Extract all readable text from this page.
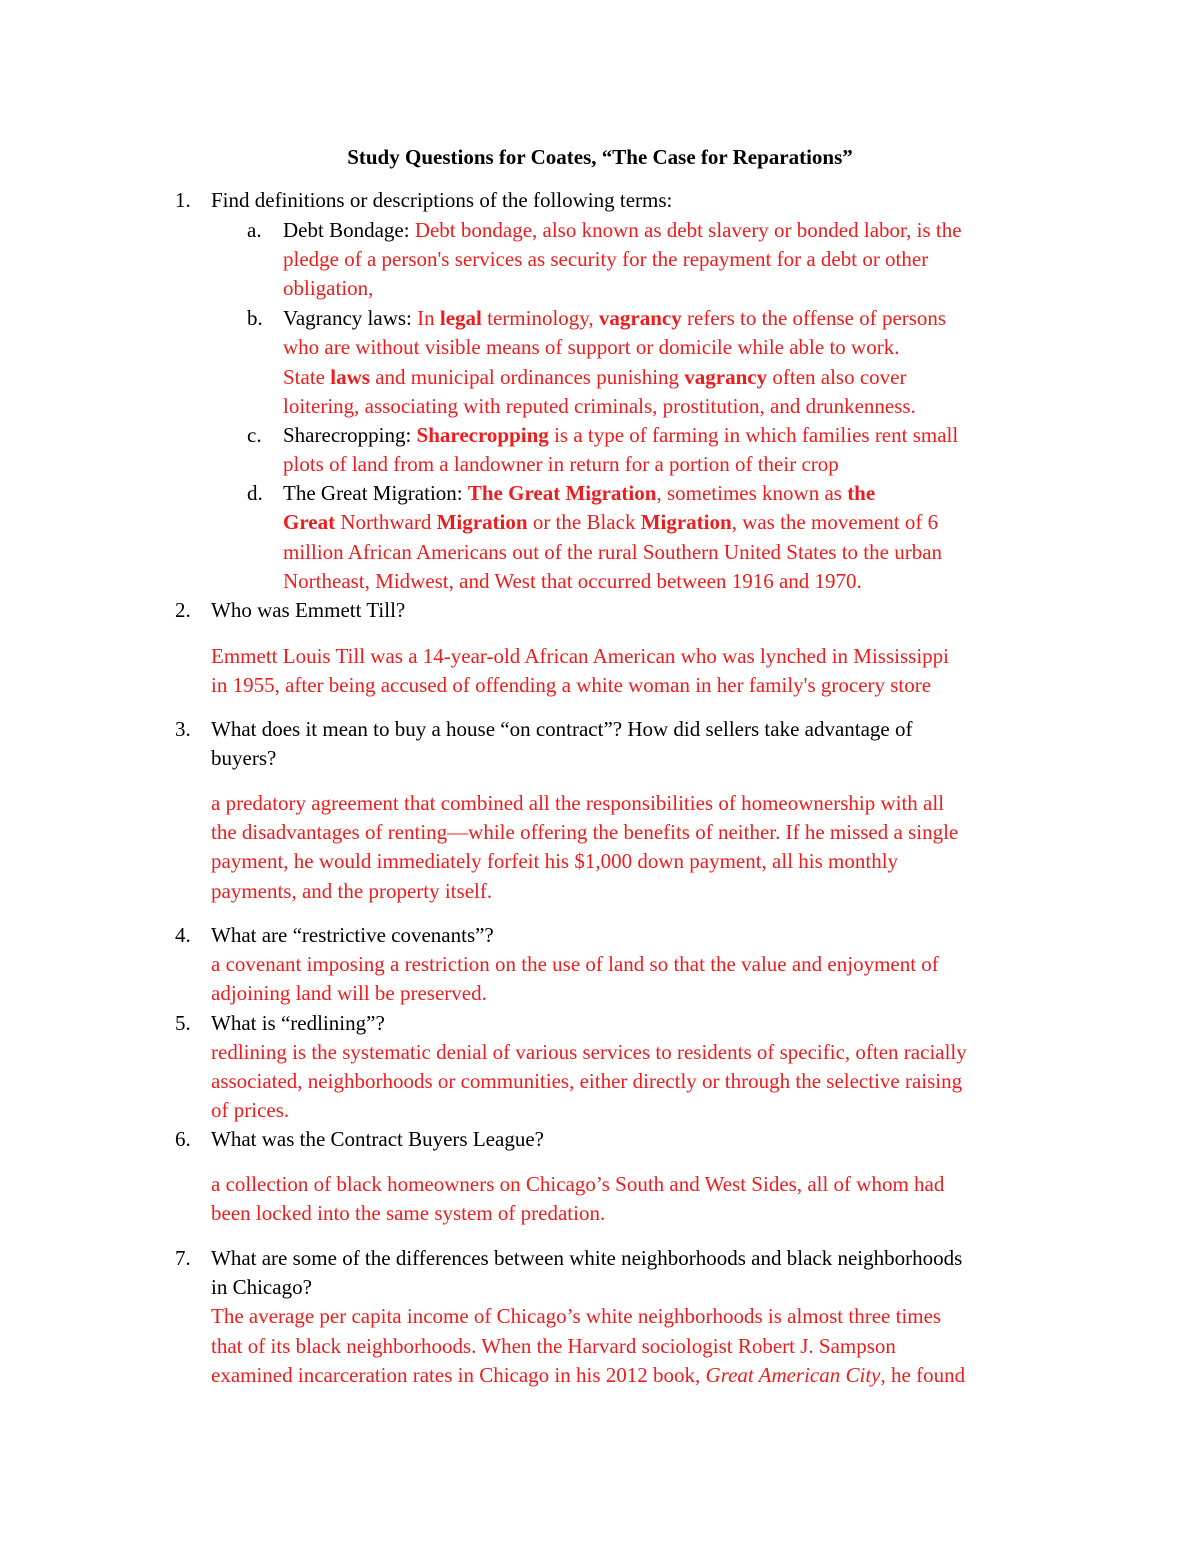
Study Questions for Coates, “The Case for Reparations”
1. Find definitions or descriptions of the following terms:
a. Debt Bondage: Debt bondage, also known as debt slavery or bonded labor, is the
pledge of a person's services as security for the repayment for a debt or other
obligation,
b. Vagrancy laws: In legal terminology, vagrancy refers to the offense of persons
who are without visible means of support or domicile while able to work.
State laws and municipal ordinances punishing vagrancy often also cover
loitering, associating with reputed criminals, prostitution, and drunkenness.
c. Sharecropping: Sharecropping is a type of farming in which families rent small
plots of land from a landowner in return for a portion of their crop
d. The Great Migration: The Great Migration, sometimes known as the
Great Northward Migration or the Black Migration, was the movement of 6
million African Americans out of the rural Southern United States to the urban
Northeast, Midwest, and West that occurred between 1916 and 1970.
2. Who was Emmett Till?
Emmett Louis Till was a 14-year-old African American who was lynched in Mississippi
in 1955, after being accused of offending a white woman in her family's grocery store
3. What does it mean to buy a house “on contract”? How did sellers take advantage of
buyers?
a predatory agreement that combined all the responsibilities of homeownership with all
the disadvantages of renting—while offering the benefits of neither. If he missed a single
payment, he would immediately forfeit his $1,000 down payment, all his monthly
payments, and the property itself.
4. What are “restrictive covenants”?
a covenant imposing a restriction on the use of land so that the value and enjoyment of
adjoining land will be preserved.
5. What is “redlining”?
redlining is the systematic denial of various services to residents of specific, often racially
associated, neighborhoods or communities, either directly or through the selective raising
of prices.
6. What was the Contract Buyers League?
a collection of black homeowners on Chicago’s South and West Sides, all of whom had
been locked into the same system of predation.
7. What are some of the differences between white neighborhoods and black neighborhoods
in Chicago?
The average per capita income of Chicago’s white neighborhoods is almost three times
that of its black neighborhoods. When the Harvard sociologist Robert J. Sampson
examined incarceration rates in Chicago in his 2012 book, Great American City, he found
